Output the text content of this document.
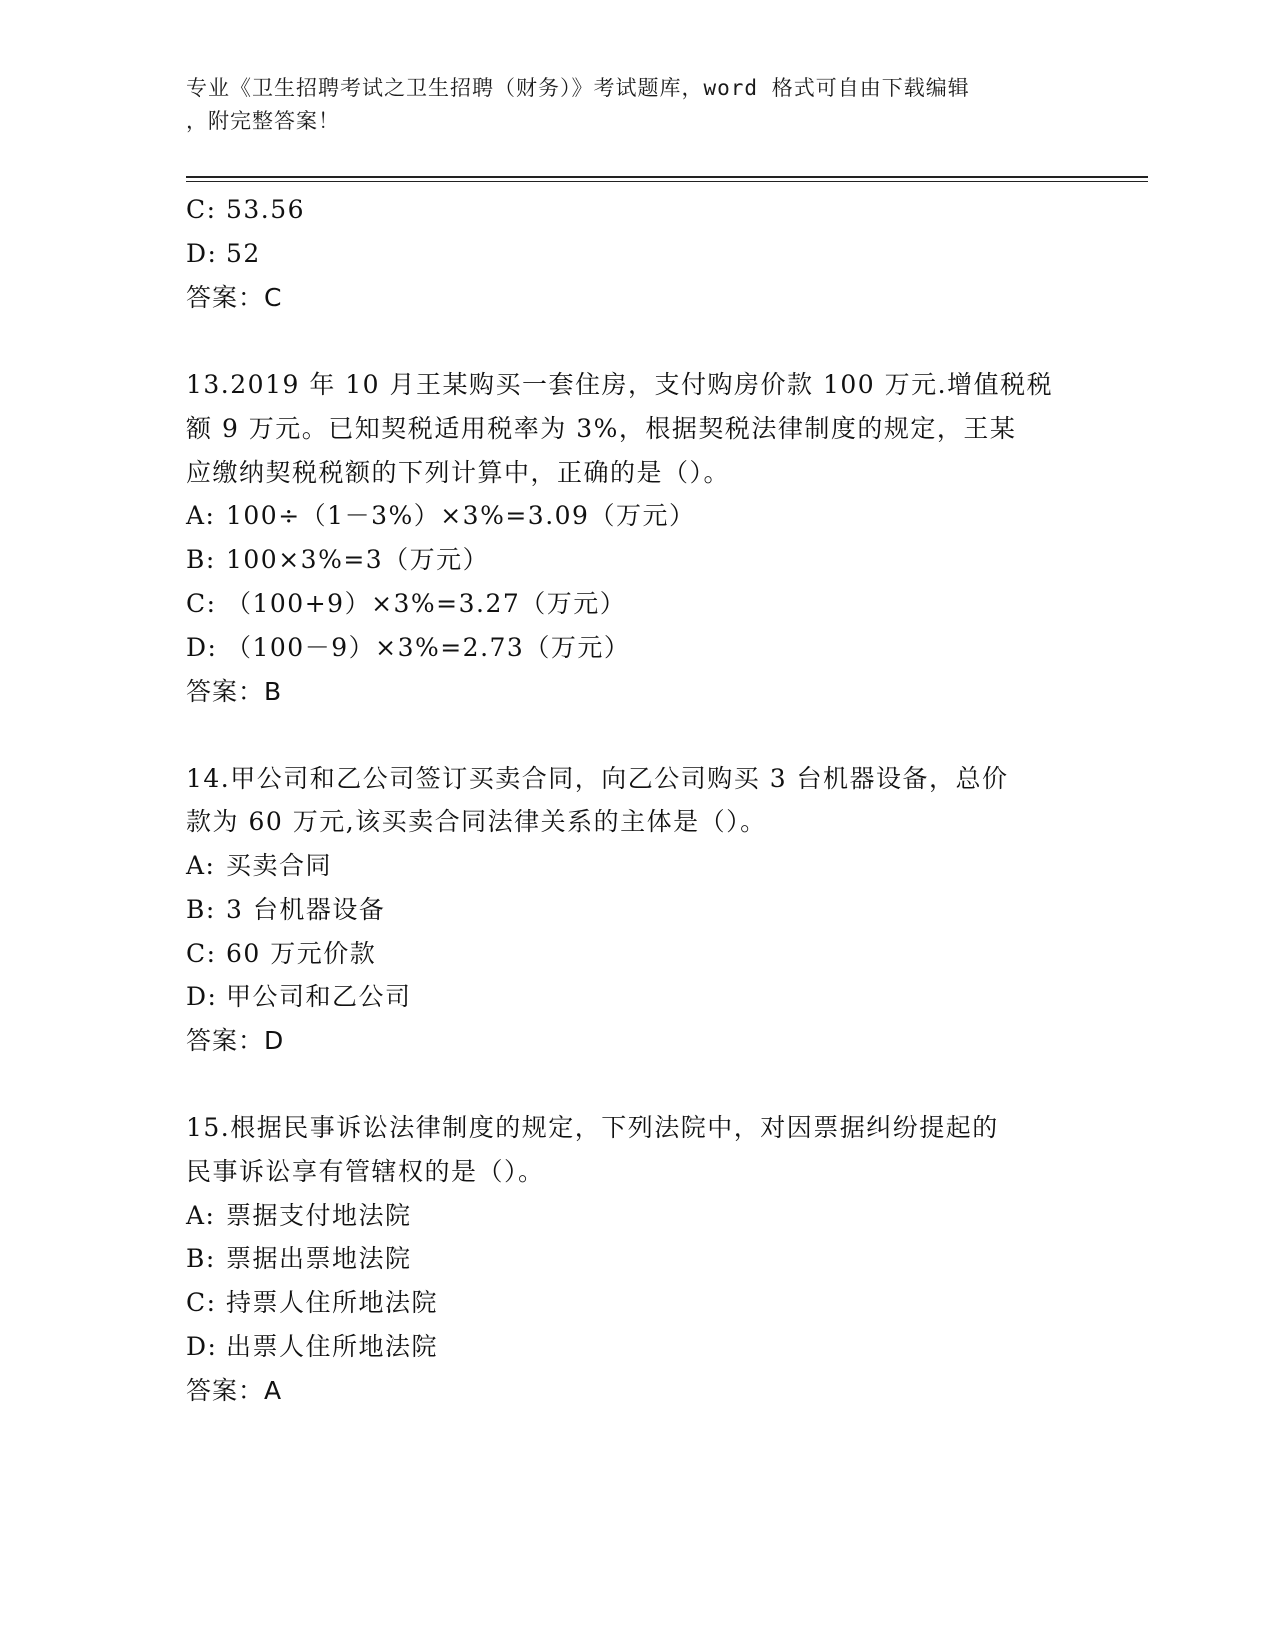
专业《卫生招聘考试之卫生招聘（财务）》考试题库，word 格式可自由下载编辑
，附完整答案！
C: 53.56
D: 52
答案：C
13.2019 年 10 月王某购买一套住房，支付购房价款 100 万元.增值税税
额 9 万元。已知契税适用税率为 3%，根据契税法律制度的规定，王某
应缴纳契税税额的下列计算中，正确的是（）。
A: 100÷（1－3%）×3%=3.09（万元）
B: 100×3%=3（万元）
C: （100+9）×3%=3.27（万元）
D: （100－9）×3%=2.73（万元）
答案：B
14.甲公司和乙公司签订买卖合同，向乙公司购买 3 台机器设备，总价
款为 60 万元,该买卖合同法律关系的主体是（）。
A: 买卖合同
B: 3 台机器设备
C: 60 万元价款
D: 甲公司和乙公司
答案：D
15.根据民事诉讼法律制度的规定，下列法院中，对因票据纠纷提起的
民事诉讼享有管辖权的是（）。
A: 票据支付地法院
B: 票据出票地法院
C: 持票人住所地法院
D: 出票人住所地法院
答案：A
